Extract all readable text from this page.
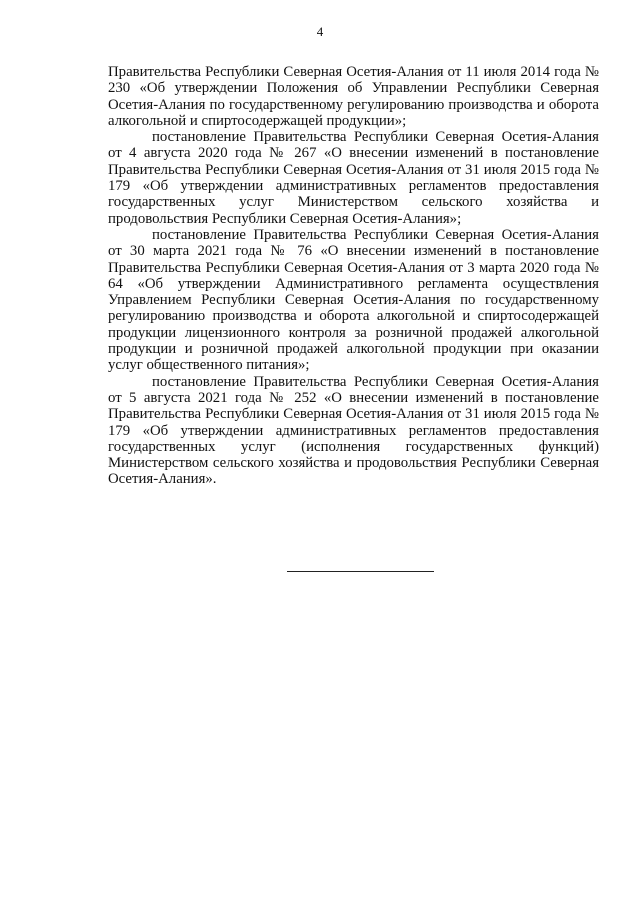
4

Правительства Республики Северная Осетия-Алания от 11 июля 2014 года № 230 «Об утверждении Положения об Управлении Республики Северная Осетия-Алания по государственному регулированию производства и оборота алкогольной и спиртосодержащей продукции»;

постановление Правительства Республики Северная Осетия-Алания от 4 августа 2020 года № 267 «О внесении изменений в постановление Правительства Республики Северная Осетия-Алания от 31 июля 2015 года № 179 «Об утверждении административных регламентов предоставления государственных услуг Министерством сельского хозяйства и продовольствия Республики Северная Осетия-Алания»;

постановление Правительства Республики Северная Осетия-Алания от 30 марта 2021 года № 76 «О внесении изменений в постановление Правительства Республики Северная Осетия-Алания от 3 марта 2020 года № 64 «Об утверждении Административного регламента осуществления Управлением Республики Северная Осетия-Алания по государственному регулированию производства и оборота алкогольной и спиртосодержащей продукции лицензионного контроля за розничной продажей алкогольной продукции и розничной продажей алкогольной продукции при оказании услуг общественного питания»;

постановление Правительства Республики Северная Осетия-Алания от 5 августа 2021 года № 252 «О внесении изменений в постановление Правительства Республики Северная Осетия-Алания от 31 июля 2015 года № 179 «Об утверждении административных регламентов предоставления государственных услуг (исполнения государственных функций) Министерством сельского хозяйства и продовольствия Республики Северная Осетия-Алания».
